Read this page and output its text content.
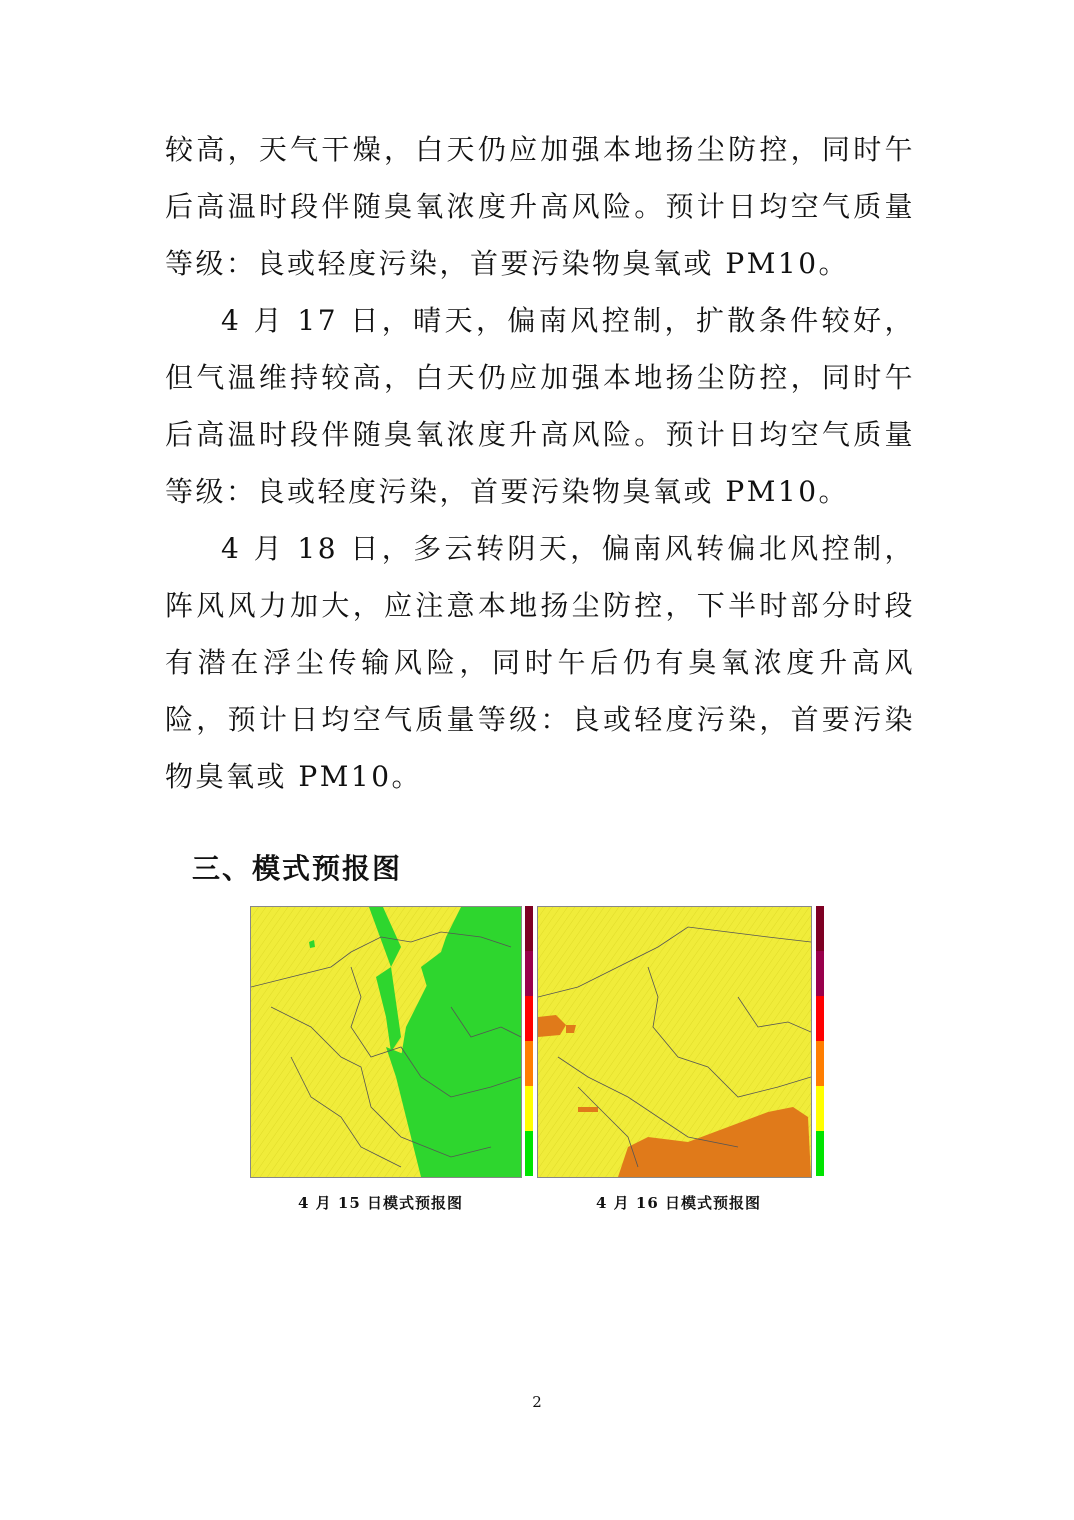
较高，天气干燥，白天仍应加强本地扬尘防控，同时午后高温时段伴随臭氧浓度升高风险。预计日均空气质量等级：良或轻度污染，首要污染物臭氧或 PM10。

4 月 17 日，晴天，偏南风控制，扩散条件较好，但气温维持较高，白天仍应加强本地扬尘防控，同时午后高温时段伴随臭氧浓度升高风险。预计日均空气质量等级：良或轻度污染，首要污染物臭氧或 PM10。

4 月 18 日，多云转阴天，偏南风转偏北风控制，阵风风力加大，应注意本地扬尘防控，下半时部分时段有潜在浮尘传输风险，同时午后仍有臭氧浓度升高风险，预计日均空气质量等级：良或轻度污染，首要污染物臭氧或 PM10。

三、模式预报图
4 月 15 日模式预报图	4 月 16 日模式预报图
2
